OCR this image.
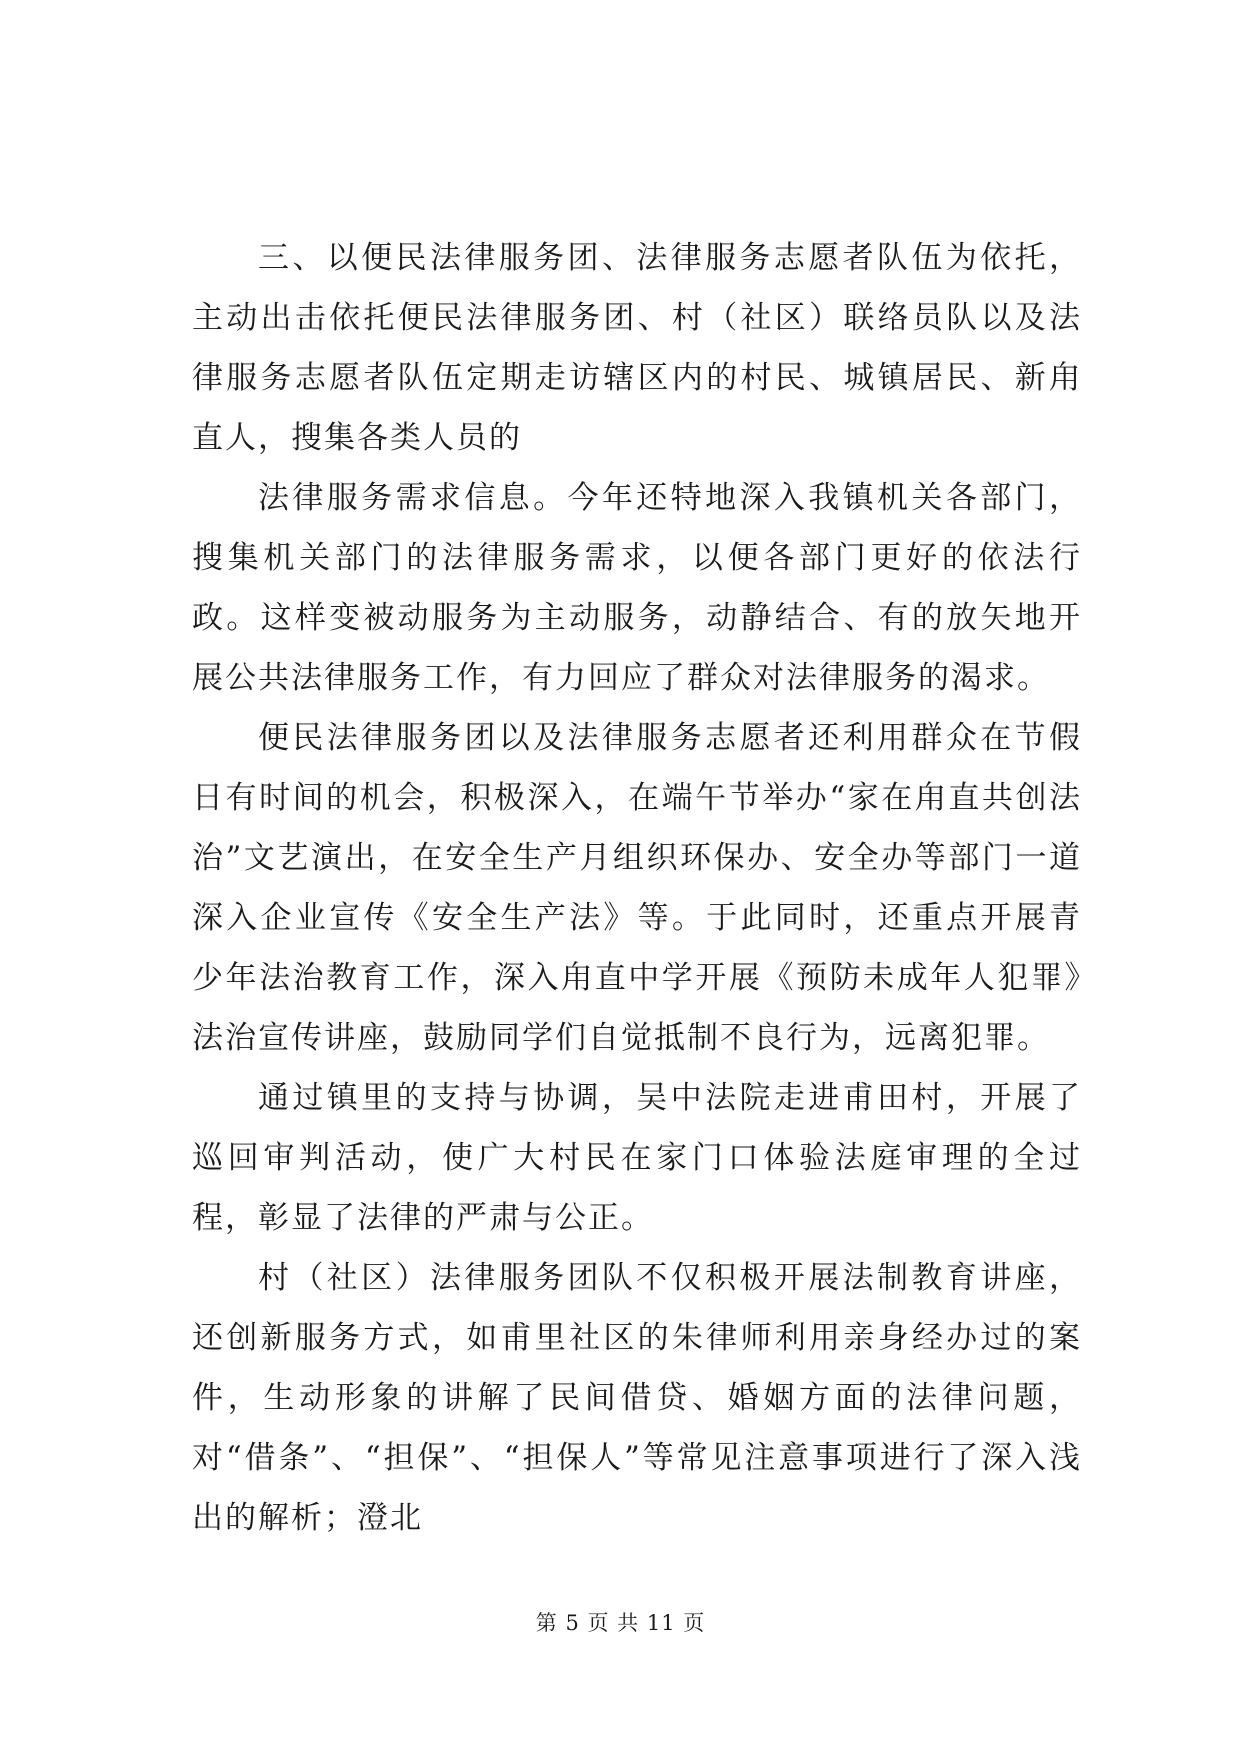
三、以便民法律服务团、法律服务志愿者队伍为依托，主动出击依托便民法律服务团、村（社区）联络员队以及法律服务志愿者队伍定期走访辖区内的村民、城镇居民、新甪直人，搜集各类人员的

法律服务需求信息。今年还特地深入我镇机关各部门，搜集机关部门的法律服务需求，以便各部门更好的依法行政。这样变被动服务为主动服务，动静结合、有的放矢地开展公共法律服务工作，有力回应了群众对法律服务的渴求。

便民法律服务团以及法律服务志愿者还利用群众在节假日有时间的机会，积极深入，在端午节举办“家在甪直共创法治”文艺演出，在安全生产月组织环保办、安全办等部门一道深入企业宣传《安全生产法》等。于此同时，还重点开展青少年法治教育工作，深入甪直中学开展《预防未成年人犯罪》法治宣传讲座，鼓励同学们自觉抵制不良行为，远离犯罪。

通过镇里的支持与协调，吴中法院走进甫田村，开展了巡回审判活动，使广大村民在家门口体验法庭审理的全过程，彰显了法律的严肃与公正。

村（社区）法律服务团队不仅积极开展法制教育讲座，还创新服务方式，如甫里社区的朱律师利用亲身经办过的案件，生动形象的讲解了民间借贷、婚姻方面的法律问题，对“借条”、“担保”、“担保人”等常见注意事项进行了深入浅出的解析；澄北

第 5 页 共 11 页
